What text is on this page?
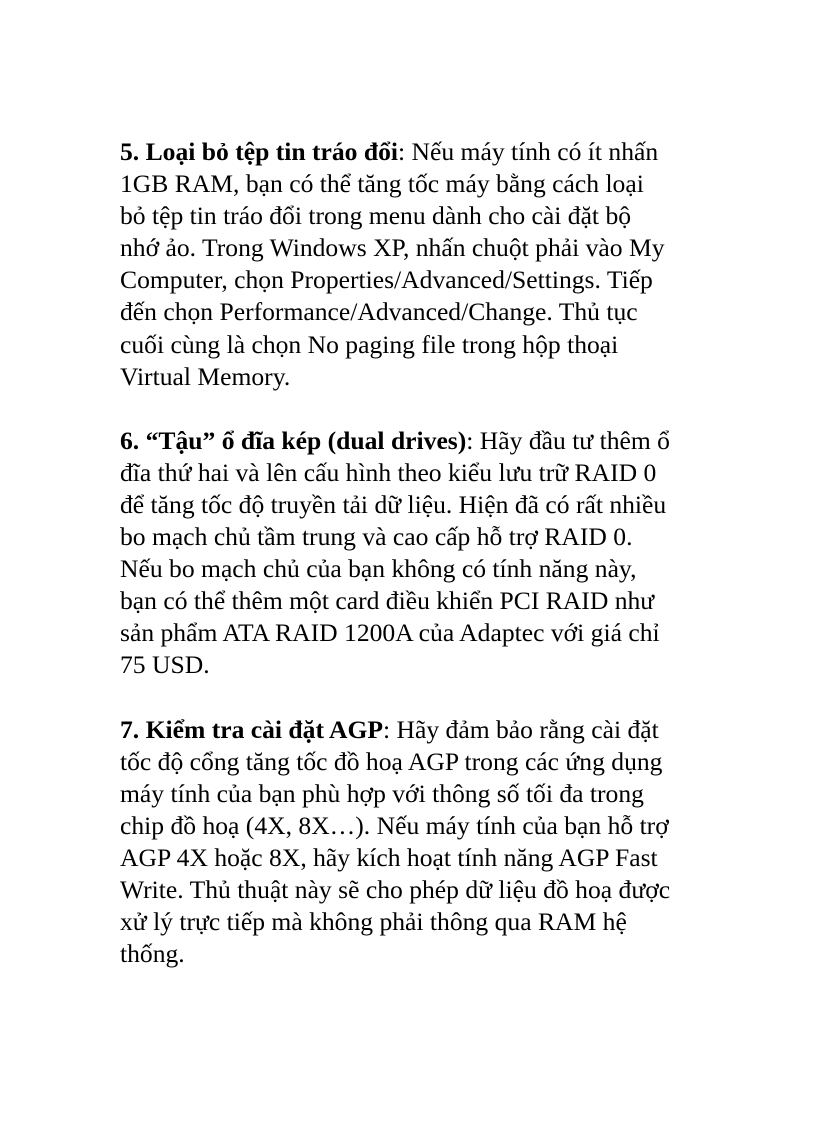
5. Loại bỏ tệp tin tráo đổi: Nếu máy tính có ít nhấn
1GB RAM, bạn có thể tăng tốc máy bằng cách loại
bỏ tệp tin tráo đổi trong menu dành cho cài đặt bộ
nhớ ảo. Trong Windows XP, nhấn chuột phải vào My
Computer, chọn Properties/Advanced/Settings. Tiếp
đến chọn Performance/Advanced/Change. Thủ tục
cuối cùng là chọn No paging file trong hộp thoại
Virtual Memory.
6. “Tậu” ổ đĩa kép (dual drives): Hãy đầu tư thêm ổ
đĩa thứ hai và lên cấu hình theo kiểu lưu trữ RAID 0
để tăng tốc độ truyền tải dữ liệu. Hiện đã có rất nhiều
bo mạch chủ tầm trung và cao cấp hỗ trợ RAID 0.
Nếu bo mạch chủ của bạn không có tính năng này,
bạn có thể thêm một card điều khiển PCI RAID như
sản phẩm ATA RAID 1200A của Adaptec với giá chỉ
75 USD.
7. Kiểm tra cài đặt AGP: Hãy đảm bảo rằng cài đặt
tốc độ cổng tăng tốc đồ hoạ AGP trong các ứng dụng
máy tính của bạn phù hợp với thông số tối đa trong
chip đồ hoạ (4X, 8X…). Nếu máy tính của bạn hỗ trợ
AGP 4X hoặc 8X, hãy kích hoạt tính năng AGP Fast
Write. Thủ thuật này sẽ cho phép dữ liệu đồ hoạ được
xử lý trực tiếp mà không phải thông qua RAM hệ
thống.
